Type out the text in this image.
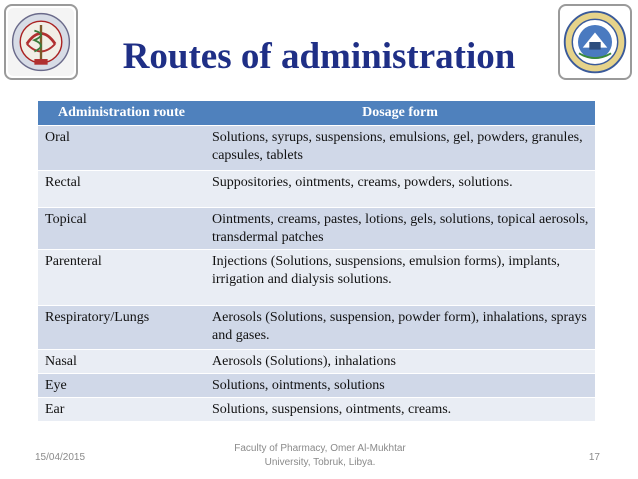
Routes of administration
Administration route	Dosage form
Oral	Solutions, syrups, suspensions, emulsions, gel, powders, granules, capsules, tablets
Rectal	Suppositories, ointments, creams, powders, solutions.
Topical	Ointments, creams, pastes, lotions, gels, solutions, topical aerosols, transdermal patches
Parenteral	Injections (Solutions, suspensions, emulsion forms), implants, irrigation and dialysis solutions.
Respiratory/Lungs	Aerosols (Solutions, suspension, powder form), inhalations, sprays and gases.
Nasal	Aerosols (Solutions), inhalations
Eye	Solutions, ointments, solutions
Ear	Solutions, suspensions, ointments, creams.
15/04/2015
Faculty of Pharmacy, Omer Al-Mukhtar
University, Tobruk, Libya.	17
